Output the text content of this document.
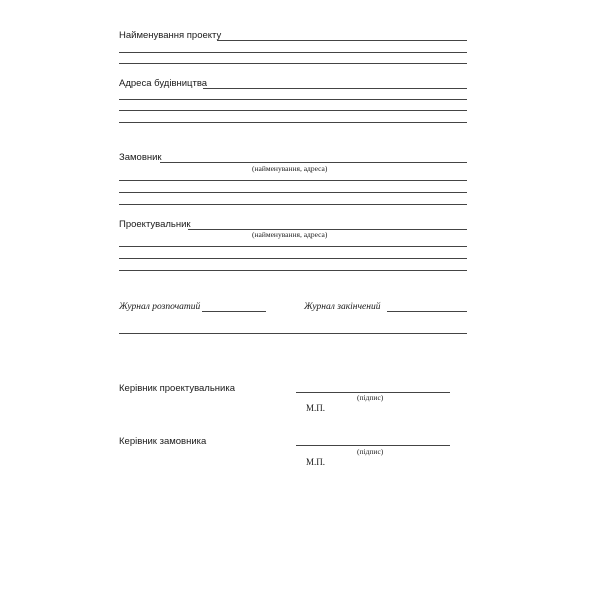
Найменування проекту
Адреса будівництва
Замовник
(найменування, адреса)
Проектувальник
(найменування, адреса)
Журнал розпочатий	Журнал закінчений
Керівник проектувальника
(підпис)
М.П.
Керівник замовника
(підпис)
М.П.
